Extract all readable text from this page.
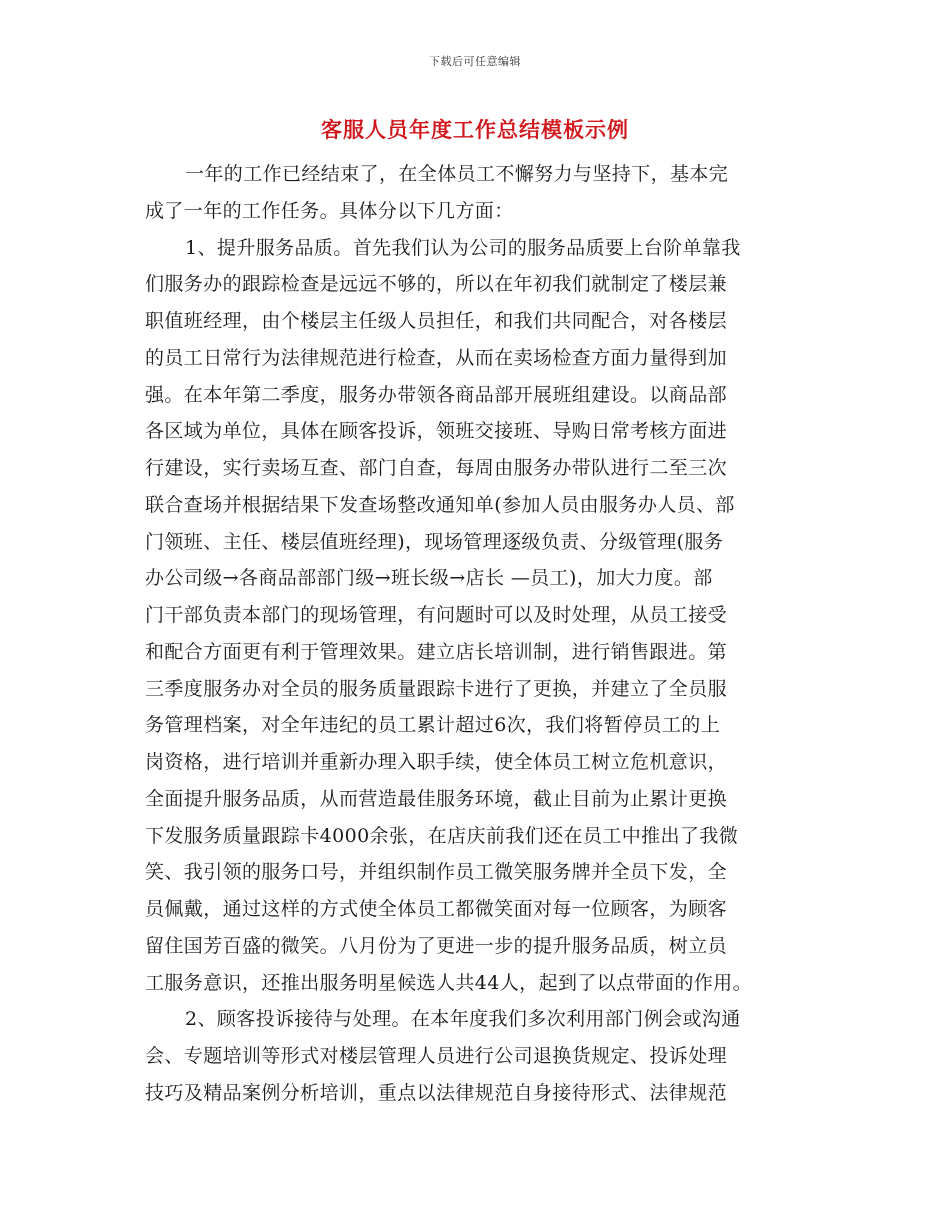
下载后可任意编辑
客服人员年度工作总结模板示例
一年的工作已经结束了，在全体员工不懈努力与坚持下，基本完
成了一年的工作任务。具体分以下几方面：
1、提升服务品质。首先我们认为公司的服务品质要上台阶单靠我
们服务办的跟踪检查是远远不够的，所以在年初我们就制定了楼层兼
职值班经理，由个楼层主任级人员担任，和我们共同配合，对各楼层
的员工日常行为法律规范进行检查，从而在卖场检查方面力量得到加
强。在本年第二季度，服务办带领各商品部开展班组建设。以商品部
各区域为单位，具体在顾客投诉，领班交接班、导购日常考核方面进
行建设，实行卖场互查、部门自查，每周由服务办带队进行二至三次
联合查场并根据结果下发查场整改通知单(参加人员由服务办人员、部
门领班、主任、楼层值班经理)，现场管理逐级负责、分级管理(服务
办公司级→各商品部部门级→班长级→店长 —员工)，加大力度。部
门干部负责本部门的现场管理，有问题时可以及时处理，从员工接受
和配合方面更有利于管理效果。建立店长培训制，进行销售跟进。第
三季度服务办对全员的服务质量跟踪卡进行了更换，并建立了全员服
务管理档案，对全年违纪的员工累计超过6次，我们将暂停员工的上
岗资格，进行培训并重新办理入职手续，使全体员工树立危机意识，
全面提升服务品质，从而营造最佳服务环境，截止目前为止累计更换
下发服务质量跟踪卡4000余张，在店庆前我们还在员工中推出了我微
笑、我引领的服务口号，并组织制作员工微笑服务牌并全员下发，全
员佩戴，通过这样的方式使全体员工都微笑面对每一位顾客，为顾客
留住国芳百盛的微笑。八月份为了更进一步的提升服务品质，树立员
工服务意识，还推出服务明星候选人共44人，起到了以点带面的作用。
2、顾客投诉接待与处理。在本年度我们多次利用部门例会或沟通
会、专题培训等形式对楼层管理人员进行公司退换货规定、投诉处理
技巧及精品案例分析培训，重点以法律规范自身接待形式、法律规范
